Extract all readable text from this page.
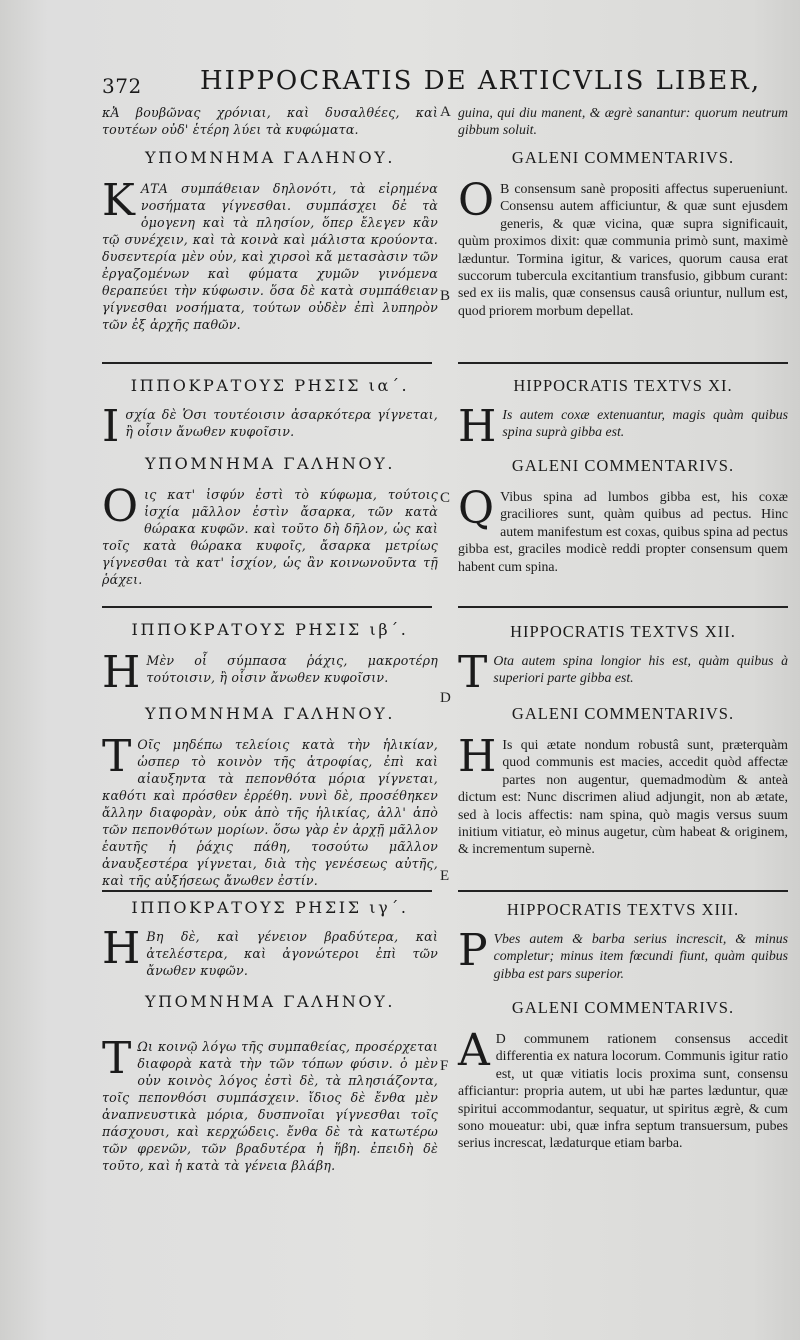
372 HIPPOCRATIS DE ARTICVLIS LIBER,
A
B
C
D
E
F

κἈ βουβῶνας χρόνιαι, καὶ δυσαλθέες, καὶ τουτέων οὐδ' ἑτέρη λύει τὰ κυφώματα.

ΥΠΟΜΝΗΜΑ ΓΑΛΗΝΟΥ.
Κ ΑΤΑ συμπάθειαν δηλονότι, τὰ εἰρημένα νοσήματα γίγνεσθαι. συμπάσχει δἐ τὰ ὁμογενη καὶ τὰ πλησίον, ὅπερ ἔλεγεν κἂν τῷ συνέχειν, καὶ τὰ κοινὰ καὶ μάλιστα κρούοντα. δυσεντερία μὲν οὐν, καὶ χιρσοὶ κἄ μετασὰσιν τῶν ἐργαζομένων καὶ φύματα χυμῶν γινόμενα θεραπεύει τὴν κύφωσιν. ὅσα δὲ κατὰ συμπάθειαν γίγνεσθαι νοσήματα, τούτων οὐδὲν ἐπὶ λυπηρὸν τῶν ἐξ ἀρχῆς παθῶν.

ΙΠΠΟΚΡΑΤΟΥΣ ΡΗΣΙΣ ια΄.
Ι σχία δὲ Ὁσι τουτέοισιν ἀσαρκότερα γίγνεται, ἢ οἷσιν ἄνωθεν κυφοῖσιν.

ΥΠΟΜΝΗΜΑ ΓΑΛΗΝΟΥ.
Ο ις κατ' ἰσφύν ἐστὶ τὸ κύφωμα, τούτοις ἰσχία μᾶλλον ἐστὶν ἄσαρκα, τῶν κατὰ θώρακα κυφῶν. καὶ τοῦτο δὴ δῆλον, ὡς καὶ τοῖς κατὰ θώρακα κυφοῖς, ἄσαρκα μετρίως γίγνεσθαι τὰ κατ' ἰσχίον, ὡς ἂν κοινωνοῦντα τῇ ῥάχει.

ΙΠΠΟΚΡΑΤΟΥΣ ΡΗΣΙΣ ιβ΄.
Η Μὲν οἷ σύμπασα ῥάχις, μακροτέρη τούτοισιν, ἢ οἷσιν ἄνωθεν κυφοῖσιν.

ΥΠΟΜΝΗΜΑ ΓΑΛΗΝΟΥ.
Τ Οῖς μηδέπω τελείοις κατὰ τὴν ἡλικίαν, ὡσπερ τὸ κοινὸν τῆς ἀτροφίας, ἐπὶ καὶ αἰαυξηντα τὰ πεπονθότα μόρια γίγνεται, καθότι καὶ πρόσθεν ἐρρέθη. νυνὶ δὲ, προσέθηκεν ἄλλην διαφορὰν, οὐκ ἀπὸ τῆς ἡλικίας, ἀλλ' ἀπὸ τῶν πεπονθότων μορίων. ὅσω γὰρ ἐν ἀρχῇ μᾶλλον ἑαυτῆς ἡ ῥάχις πάθη, τοσούτω μᾶλλον ἀναυξεστέρα γίγνεται, διὰ τὴς γενέσεως αὐτῆς, καὶ τῆς αὐξήσεως ἄνωθεν ἐστίν.

ΙΠΠΟΚΡΑΤΟΥΣ ΡΗΣΙΣ ιγ΄.
Η Βη δὲ, καὶ γένειον βραδύτερα, καὶ ἀτελέστερα, καὶ ἀγονώτεροι ἐπὶ τῶν ἄνωθεν κυφῶν.

ΥΠΟΜΝΗΜΑ ΓΑΛΗΝΟΥ.
Τ Ωι κοινῷ λόγω τῆς συμπαθείας, προσέρχεται διαφορὰ κατὰ τὴν τῶν τόπων φύσιν. ὁ μὲν οὐν κοινὸς λόγος ἐστὶ δὲ, τὰ πλησιάζοντα, τοῖς πεπονθόσι συμπάσχειν. ἴδιος δὲ ἔνθα μὲν ἀναπνευστικὰ μόρια, δυσπνοῖαι γίγνεσθαι τοῖς πάσχουσι, καὶ κερχώδεις. ἔνθα δὲ τὰ κατωτέρω τῶν φρενῶν, τῶν βραδυτέρα ἡ ἥβη. ἐπειδὴ δὲ τοῦτο, καὶ ἡ κατὰ τὰ γένεια βλάβη.

guina, qui diu manent, & ægrè sanantur: quorum neutrum gibbum soluit.

GALENI COMMENTARIVS.
O B consensum sanè propositi affectus superueniunt. Consensu autem afficiuntur, & quæ sunt ejusdem generis, & quæ vicina, quæ supra significauit, quùm proximos dixit: quæ communia primò sunt, maximè læduntur. Tormina igitur, & varices, quorum causa erat succorum tubercula excitantium transfusio, gibbum curant: sed ex iis malis, quæ consensus causâ oriuntur, nullum est, quod priorem morbum depellat.

HIPPOCRATIS TEXTVS XI.
H Is autem coxæ extenuantur, magis quàm quibus spina suprà gibba est.

GALENI COMMENTARIVS.
Q Vibus spina ad lumbos gibba est, his coxæ graciliores sunt, quàm quibus ad pectus. Hinc autem manifestum est coxas, quibus spina ad pectus gibba est, graciles modicè reddi propter consensum quem habent cum spina.

HIPPOCRATIS TEXTVS XII.
T Ota autem spina longior his est, quàm quibus à superiori parte gibba est.

GALENI COMMENTARIVS.
H Is qui ætate nondum robustâ sunt, præterquàm quod communis est macies, accedit quòd affectæ partes non augentur, quemadmodùm & anteà dictum est: Nunc discrimen aliud adjungit, non ab ætate, sed à locis affectis: nam spina, quò magis versus suum initium vitiatur, eò minus augetur, cùm habeat & originem, & incrementum supernè.

HIPPOCRATIS TEXTVS XIII.
P Vbes autem & barba serius increscit, & minus completur; minus item fœcundi fiunt, quàm quibus gibba est pars superior.

GALENI COMMENTARIVS.
A D communem rationem consensus accedit differentia ex natura locorum. Communis igitur ratio est, ut quæ vitiatis locis proxima sunt, consensu afficiantur: propria autem, ut ubi hæ partes læduntur, quæ spiritui accommodantur, sequatur, ut spiritus ægrè, & cum sono moueatur: ubi, quæ infra septum transuersum, pubes serius increscat, lædaturque etiam barba.
